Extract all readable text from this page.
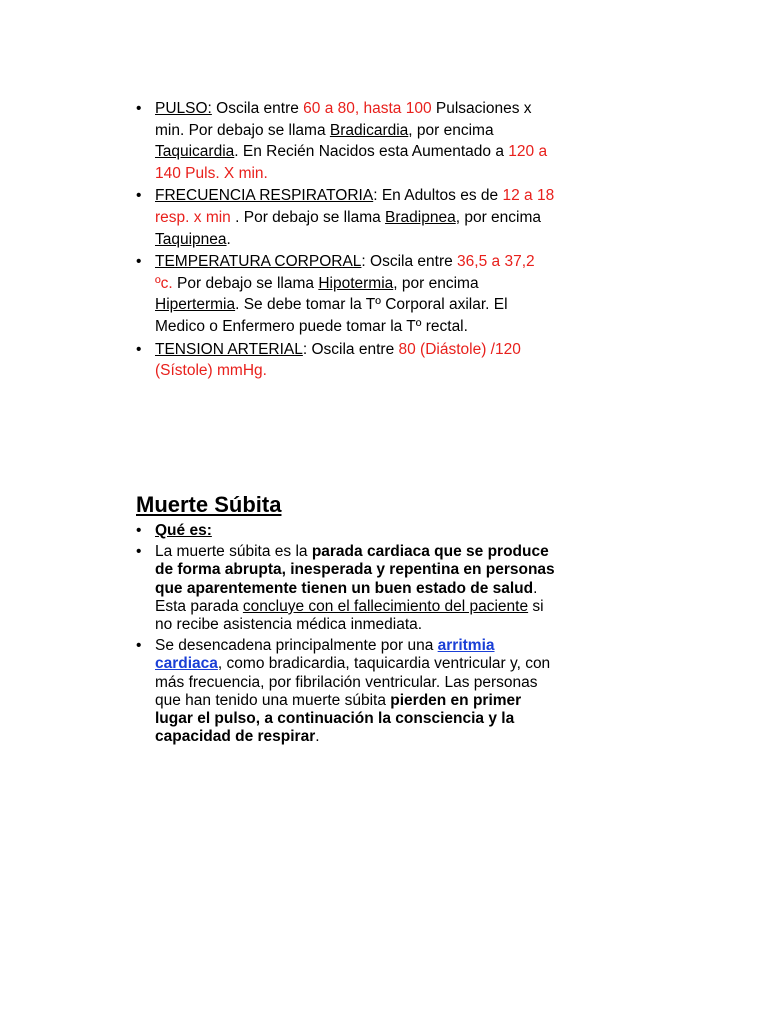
• PULSO: Oscila entre 60 a 80, hasta 100 Pulsaciones x min. Por debajo se llama Bradicardia, por encima Taquicardia. En Recién Nacidos esta Aumentado a 120 a 140 Puls. X min.
• FRECUENCIA RESPIRATORIA: En Adultos es de 12 a 18 resp. x min . Por debajo se llama Bradipnea, por encima Taquipnea.
• TEMPERATURA CORPORAL: Oscila entre 36,5 a 37,2 ºc. Por debajo se llama Hipotermia, por encima Hipertermia. Se debe tomar la Tº Corporal axilar. El Medico o Enfermero puede tomar la Tº rectal.
• TENSION ARTERIAL: Oscila entre 80 (Diástole) /120 (Sístole) mmHg.
Muerte Súbita
• Qué es:
• La muerte súbita es la parada cardiaca que se produce de forma abrupta, inesperada y repentina en personas que aparentemente tienen un buen estado de salud. Esta parada concluye con el fallecimiento del paciente si no recibe asistencia médica inmediata.
• Se desencadena principalmente por una arritmia cardiaca, como bradicardia, taquicardia ventricular y, con más frecuencia, por fibrilación ventricular. Las personas que han tenido una muerte súbita pierden en primer lugar el pulso, a continuación la consciencia y la capacidad de respirar.
